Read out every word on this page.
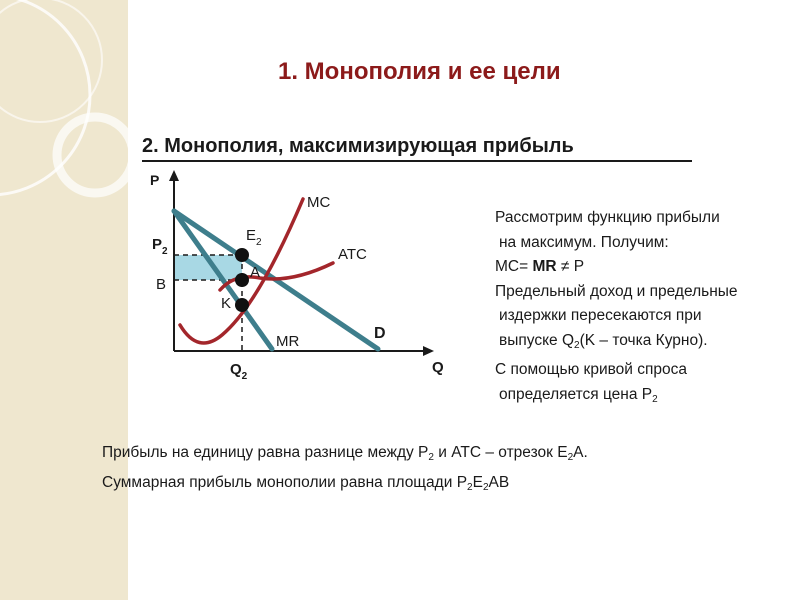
1. Монополия и ее цели
2. Монополия, максимизирующая прибыль
P
Q
$P_2$
B
$Q_2$
$E_2$
A
K
MC
ATC
MR	D
Рассмотрим функцию прибыли
на максимум. Получим:
MC= MR ≠ P
Предельный доход и предельные
издержки пересекаются при
выпуске $Q_2(K$ – точка Курно).
С помощью кривой спроса
определяется цена $P_2$
Прибыль на единицу равна разнице между $P_2$ и ATC – отрезок $E_2A$.
Суммарная прибыль монополии равна площади $P_2E_2AB$
